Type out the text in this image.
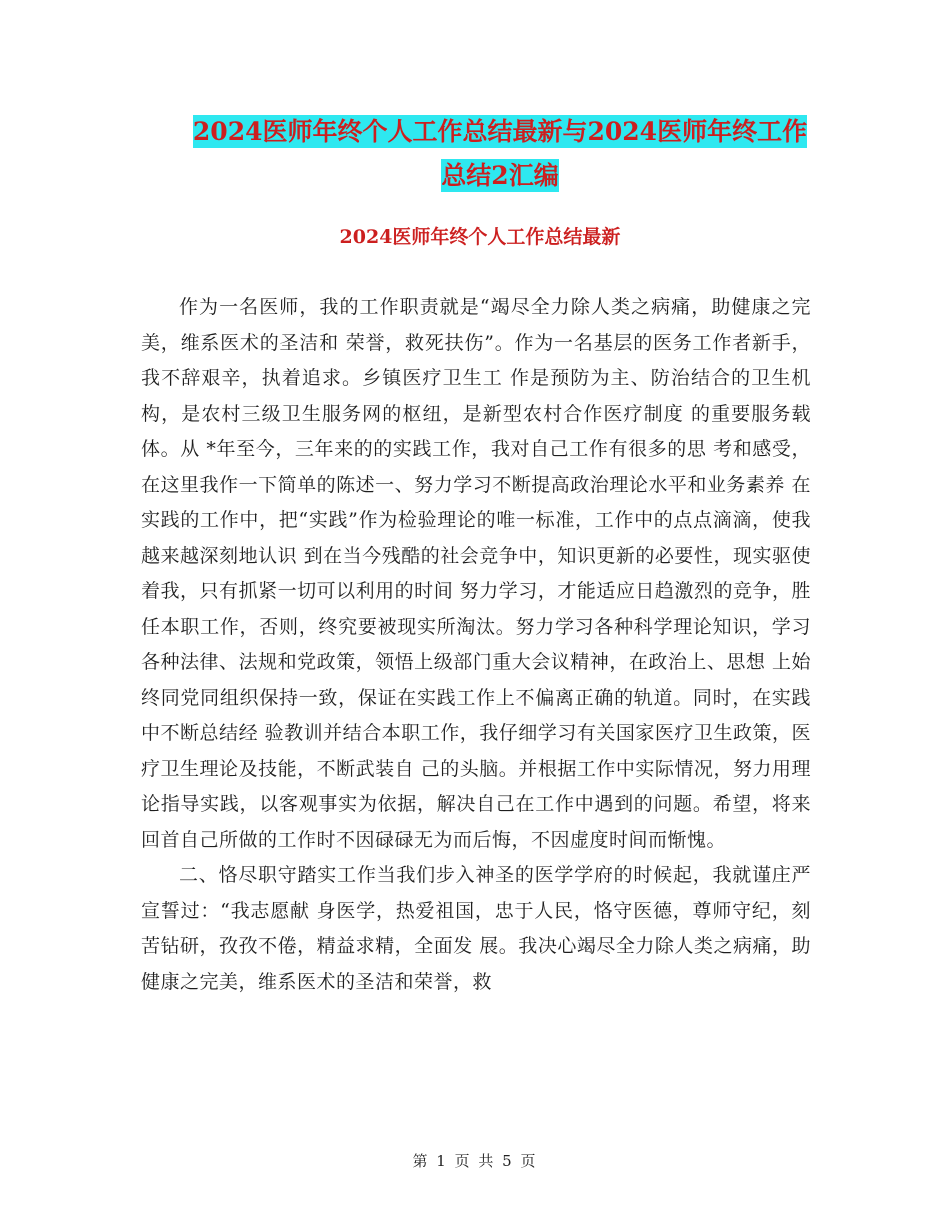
2024医师年终个人工作总结最新与2024医师年终工作
总结2汇编
2024医师年终个人工作总结最新

作为一名医师，我的工作职责就是“竭尽全力除人类之病痛，助健康之完美，维系医术的圣洁和 荣誉，救死扶伤”。作为一名基层的医务工作者新手，我不辞艰辛，执着追求。乡镇医疗卫生工 作是预防为主、防治结合的卫生机构，是农村三级卫生服务网的枢纽，是新型农村合作医疗制度 的重要服务载体。从 *年至今，三年来的的实践工作，我对自己工作有很多的思 考和感受， 在这里我作一下简单的陈述一、努力学习不断提高政治理论水平和业务素养 在实践的工作中，把“实践”作为检验理论的唯一标准，工作中的点点滴滴，使我越来越深刻地认识 到在当今残酷的社会竞争中，知识更新的必要性，现实驱使着我，只有抓紧一切可以利用的时间 努力学习，才能适应日趋激烈的竞争，胜任本职工作，否则，终究要被现实所淘汰。努力学习各种科学理论知识，学习各种法律、法规和党政策，领悟上级部门重大会议精神，在政治上、思想 上始终同党同组织保持一致，保证在实践工作上不偏离正确的轨道。同时，在实践中不断总结经 验教训并结合本职工作，我仔细学习有关国家医疗卫生政策，医疗卫生理论及技能，不断武装自 己的头脑。并根据工作中实际情况，努力用理论指导实践，以客观事实为依据，解决自己在工作中遇到的问题。希望，将来回首自己所做的工作时不因碌碌无为而后悔，不因虚度时间而惭愧。

二、恪尽职守踏实工作当我们步入神圣的医学学府的时候起，我就谨庄严宣誓过：“我志愿献 身医学，热爱祖国，忠于人民，恪守医德，尊师守纪，刻苦钻研，孜孜不倦，精益求精，全面发 展。我决心竭尽全力除人类之病痛，助健康之完美，维系医术的圣洁和荣誉，救

第 1 页 共 5 页
